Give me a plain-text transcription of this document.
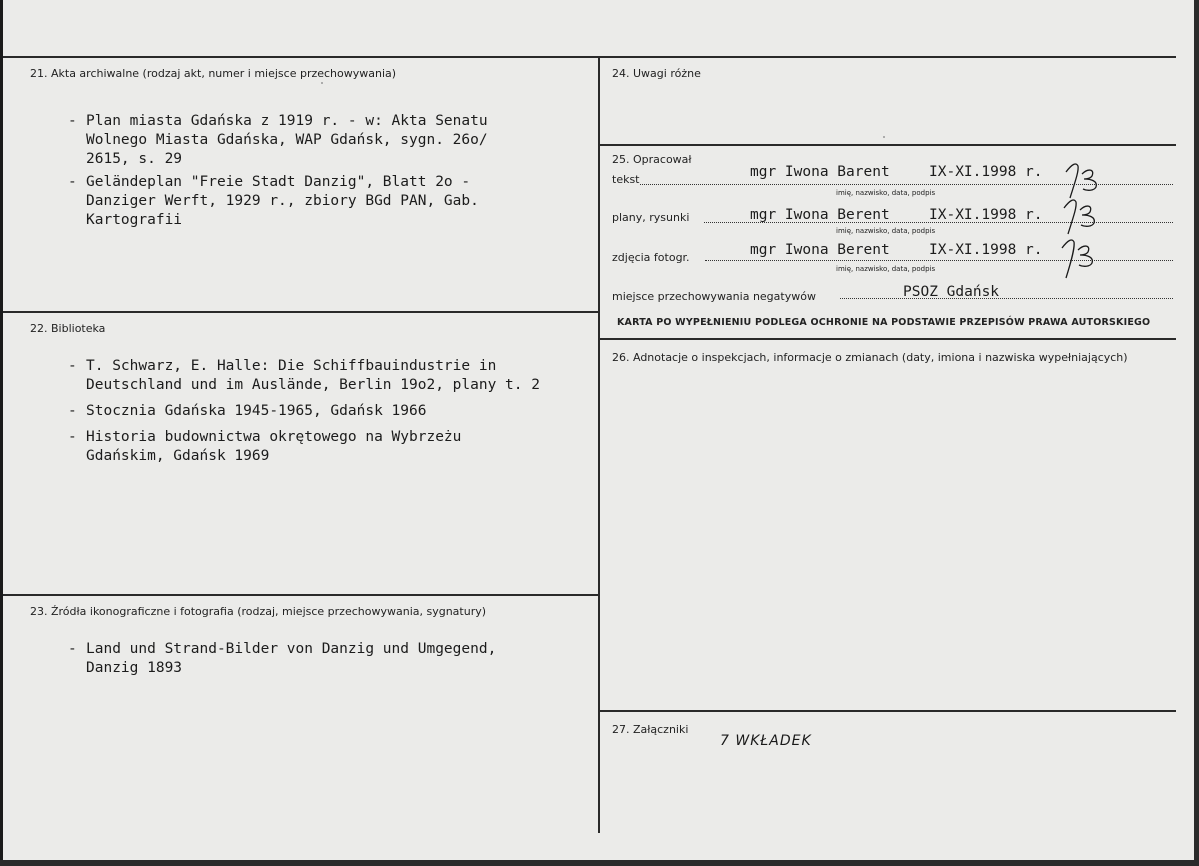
21. Akta archiwalne (rodzaj akt, numer i miejsce przechowywania)
- Plan miasta Gdańska z 1919 r. - w: Akta Senatu
Wolnego Miasta Gdańska, WAP Gdańsk, sygn. 26o/
2615, s. 29
- Geländeplan "Freie Stadt Danzig", Blatt 2o -
Danziger Werft, 1929 r., zbiory BGd PAN, Gab.
Kartografii
22. Biblioteka
- T. Schwarz, E. Halle: Die Schiffbauindustrie in
Deutschland und im Auslände, Berlin 19o2, plany t. 2
- Stocznia Gdańska 1945-1965, Gdańsk 1966
- Historia budownictwa okrętowego na Wybrzeżu
Gdańskim, Gdańsk 1969
23. Źródła ikonograficzne i fotografia (rodzaj, miejsce przechowywania, sygnatury)
- Land und Strand-Bilder von Danzig und Umgegend,
Danzig 1893
24. Uwagi różne
25. Opracował
tekst	mgr Iwona Barent	IX-XI.1998 r.
imię, nazwisko, data, podpis
plany, rysunki	mgr Iwona Berent	IX-XI.1998 r.
imię, nazwisko, data, podpis
zdjęcia fotogr.	mgr Iwona Berent	IX-XI.1998 r.
imię, nazwisko, data, podpis
miejsce przechowywania negatywów	PSOZ Gdańsk
KARTA PO WYPEŁNIENIU PODLEGA OCHRONIE NA PODSTAWIE PRZEPISÓW PRAWA AUTORSKIEGO
26. Adnotacje o inspekcjach, informacje o zmianach (daty, imiona i nazwiska wypełniających)
27. Załączniki
7 WKŁADEK
